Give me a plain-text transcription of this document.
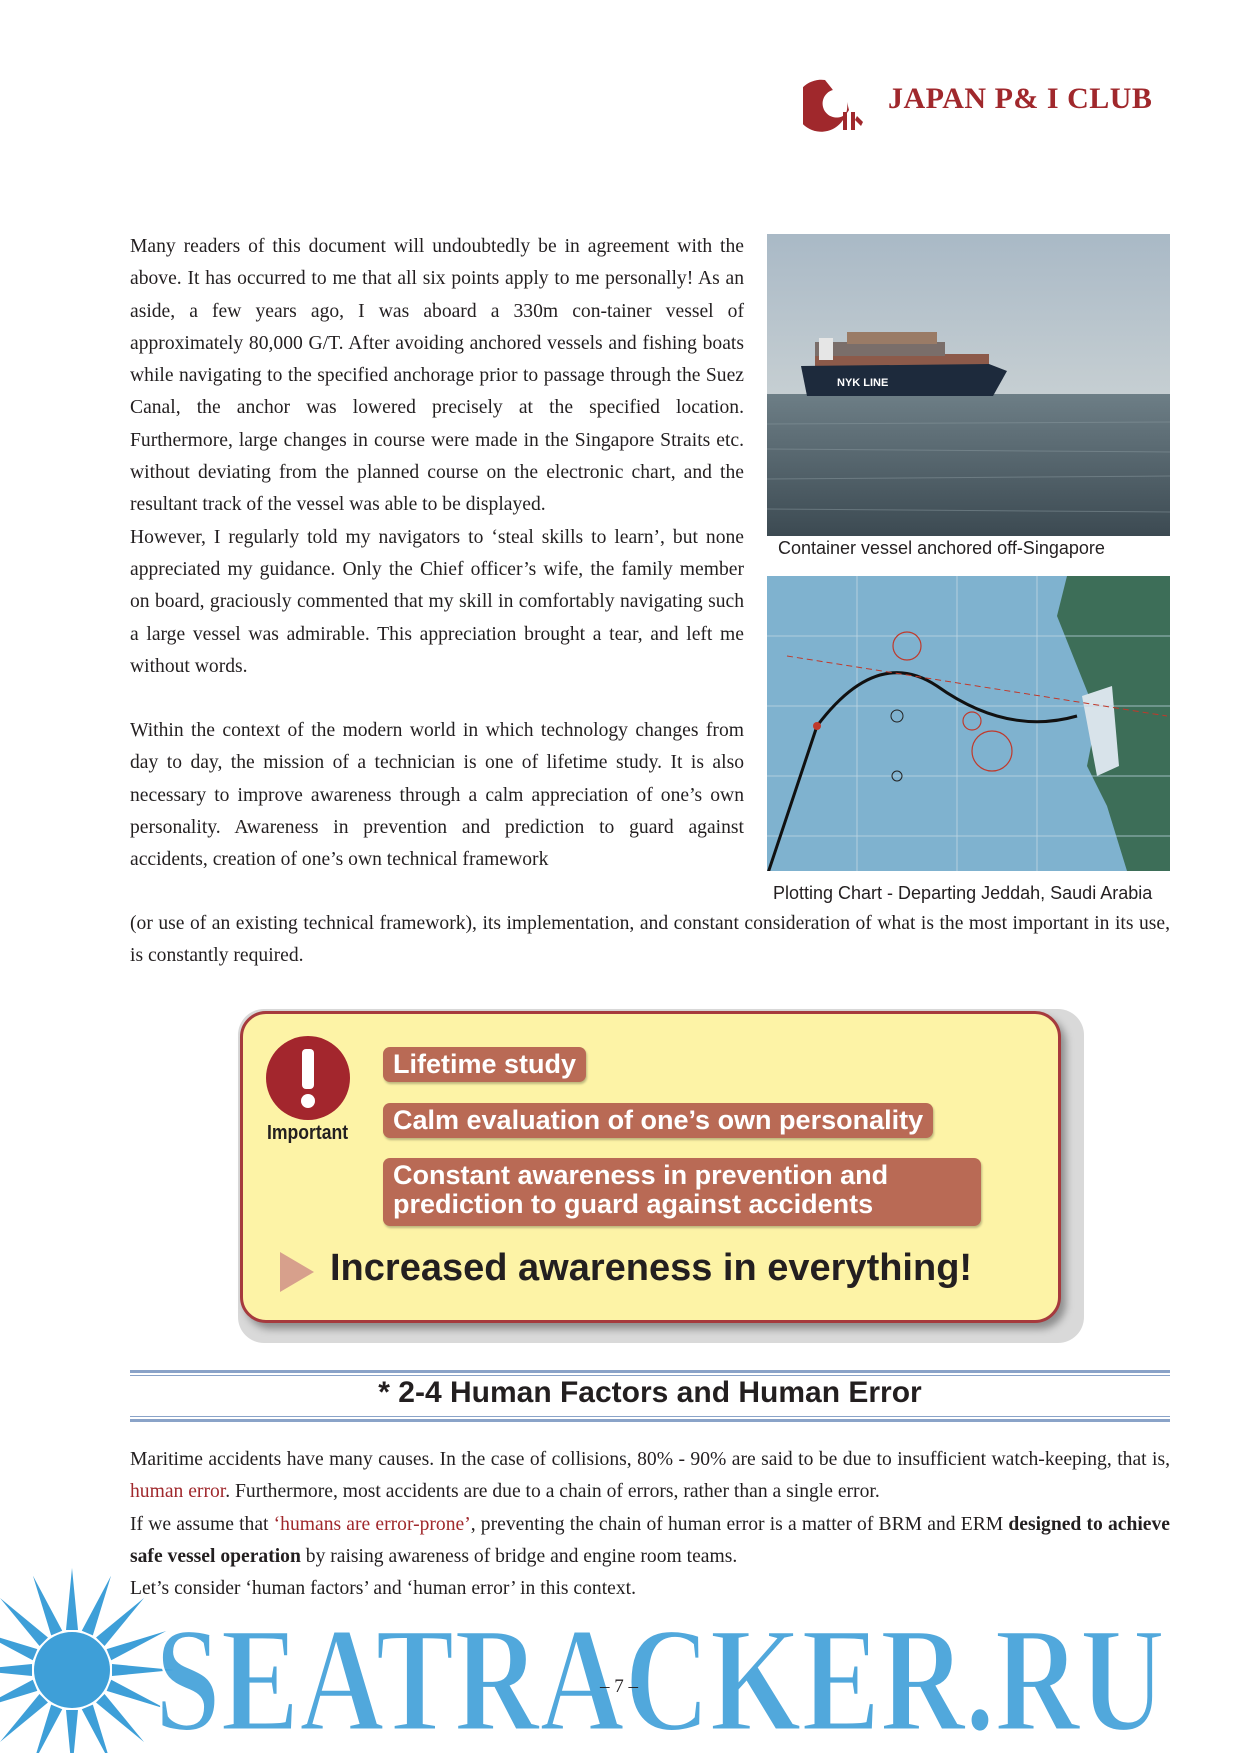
JAPAN JAPAN P& I CLUB

Many readers of this document will undoubtedly be in agreement with the above. It has occurred to me that all six points apply to me personally! As an aside, a few years ago, I was aboard a 330m con-tainer vessel of approximately 80,000 G/T. After avoiding anchored vessels and fishing boats while navigating to the specified anchorage prior to passage through the Suez Canal, the anchor was lowered precisely at the specified location. Furthermore, large changes in course were made in the Singapore Straits etc. without deviating from the planned course on the electronic chart, and the resultant track of the vessel was able to be displayed.

However, I regularly told my navigators to ‘steal skills to learn’, but none appreciated my guidance. Only the Chief officer’s wife, the family member on board, graciously commented that my skill in comfortably navigating such a large vessel was admirable. This appreciation brought a tear, and left me without words.

Within the context of the modern world in which technology changes from day to day, the mission of a technician is one of lifetime study. It is also necessary to improve awareness through a calm appreciation of one’s own personality. Awareness in prevention and prediction to guard against accidents, creation of one’s own technical framework

(or use of an existing technical framework), its implementation, and constant consideration of what is the most important in its use, is constantly required.

NYK LINE
Container vessel anchored off-Singapore
Plotting Chart - Departing Jeddah, Saudi Arabia
Important
Lifetime study
Calm evaluation of one’s own personality
Constant awareness in prevention and prediction to guard against accidents
Increased awareness in everything!
* 2-4 Human Factors and Human Error

Maritime accidents have many causes. In the case of collisions, 80% - 90% are said to be due to insufficient watch-keeping, that is, human error. Furthermore, most accidents are due to a chain of errors, rather than a single error.

If we assume that ‘humans are error-prone’, preventing the chain of human error is a matter of BRM and ERM designed to achieve safe vessel operation by raising awareness of bridge and engine room teams.

Let’s consider ‘human factors’ and ‘human error’ in this context.

SEATRACKER.RU
– 7 –
